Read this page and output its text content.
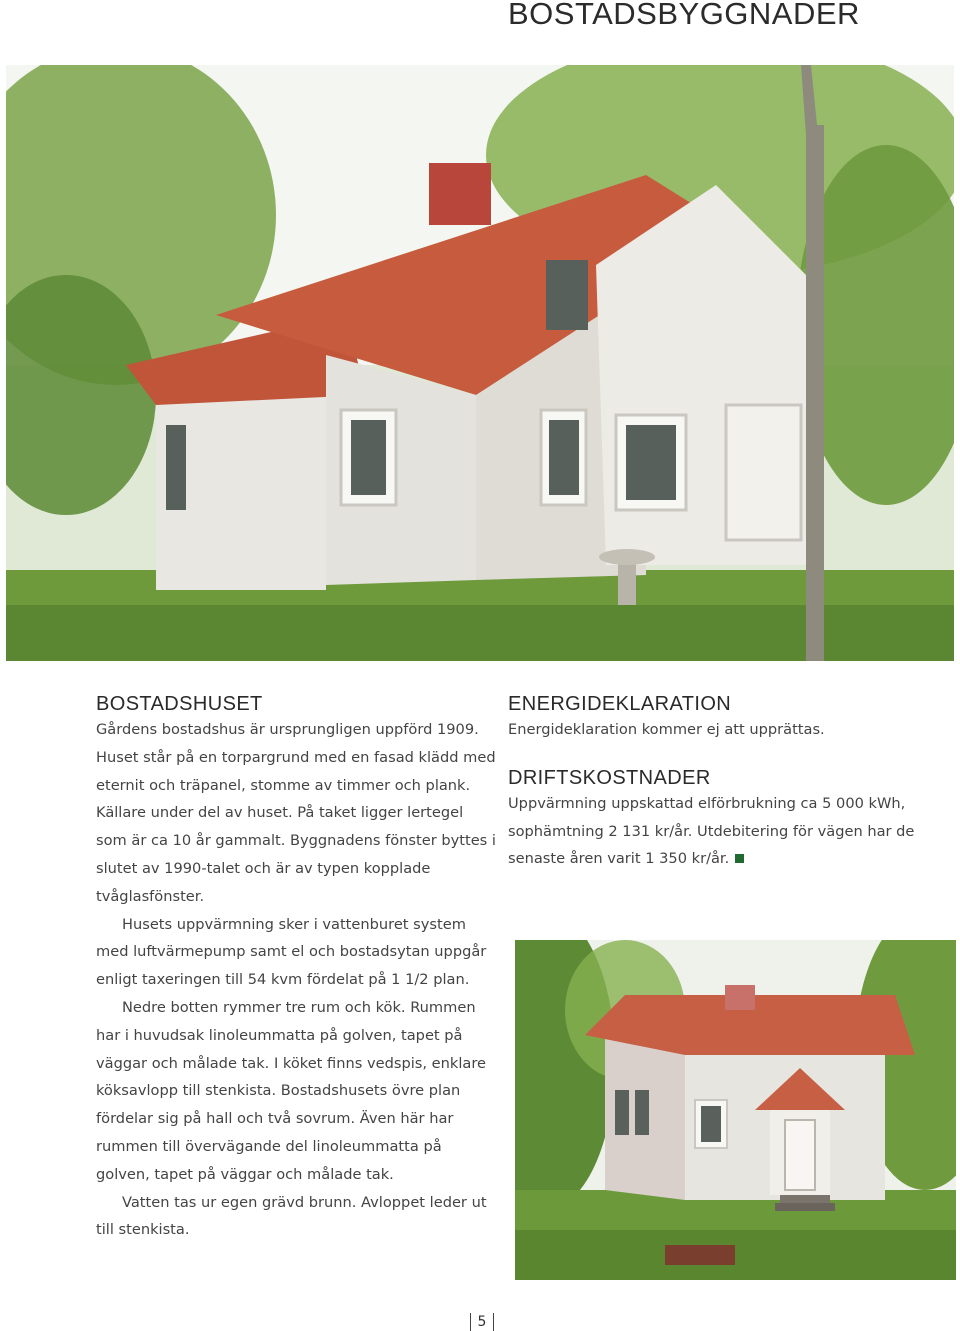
BOSTADSBYGGNADER
BOSTADSHUSET

Gårdens bostadshus är ursprungligen uppförd 1909. Huset står på en torpargrund med en fasad klädd med eternit och träpanel, stomme av timmer och plank. Källare under del av huset. På taket ligger lertegel som är ca 10 år gammalt. Byggnadens fönster byttes i slutet av 1990-talet och är av typen kopplade tvåglasfönster.

Husets uppvärmning sker i vattenburet system med luftvärmepump samt el och bostadsytan uppgår enligt taxeringen till 54 kvm fördelat på 1 1/2 plan.

Nedre botten rymmer tre rum och kök. Rummen har i huvudsak linoleummatta på golven, tapet på väggar och målade tak. I köket finns vedspis, enklare köksavlopp till stenkista. Bostadshusets övre plan fördelar sig på hall och två sovrum. Även här har rummen till övervägande del linoleummatta på golven, tapet på väggar och målade tak.

Vatten tas ur egen grävd brunn. Avloppet leder ut till stenkista.

ENERGIDEKLARATION

Energideklaration kommer ej att upprättas.

DRIFTSKOSTNADER

Uppvärmning uppskattad elförbrukning ca 5 000 kWh, sophämtning 2 131 kr/år. Utdebitering för vägen har de senaste åren varit 1 350 kr/år.

5
